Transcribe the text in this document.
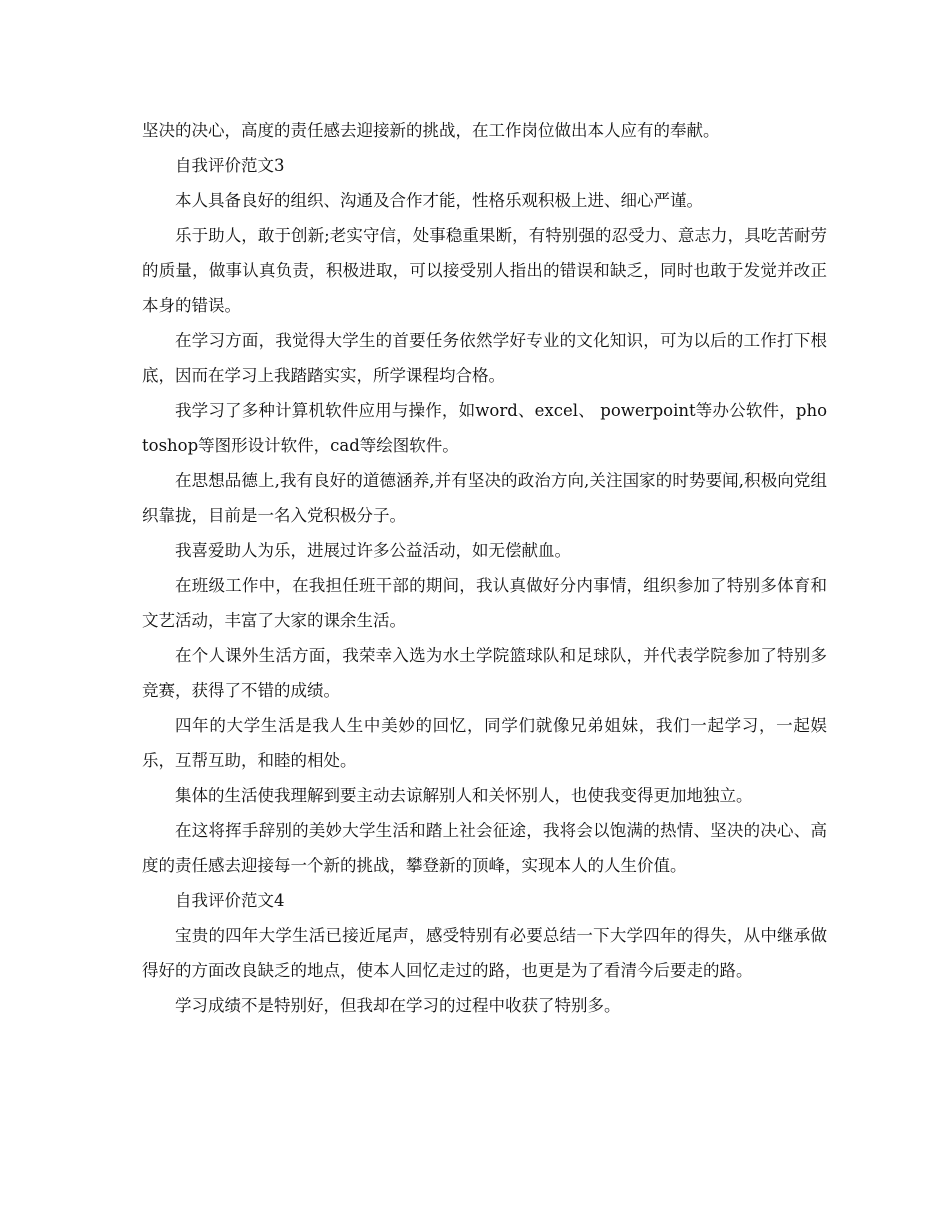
坚决的决心，高度的责任感去迎接新的挑战，在工作岗位做出本人应有的奉献。

自我评价范文3

本人具备良好的组织、沟通及合作才能，性格乐观积极上进、细心严谨。

乐于助人，敢于创新;老实守信，处事稳重果断，有特别强的忍受力、意志力，具吃苦耐劳的质量，做事认真负责，积极进取，可以接受别人指出的错误和缺乏，同时也敢于发觉并改正本身的错误。

在学习方面，我觉得大学生的首要任务依然学好专业的文化知识，可为以后的工作打下根底，因而在学习上我踏踏实实，所学课程均合格。

我学习了多种计算机软件应用与操作，如word、excel、 powerpoint等办公软件，photoshop等图形设计软件，cad等绘图软件。

在思想品德上,我有良好的道德涵养,并有坚决的政治方向,关注国家的时势要闻,积极向党组织靠拢，目前是一名入党积极分子。

我喜爱助人为乐，进展过许多公益活动，如无偿献血。

在班级工作中，在我担任班干部的期间，我认真做好分内事情，组织参加了特别多体育和文艺活动，丰富了大家的课余生活。

在个人课外生活方面，我荣幸入选为水土学院篮球队和足球队，并代表学院参加了特别多竞赛，获得了不错的成绩。

四年的大学生活是我人生中美妙的回忆，同学们就像兄弟姐妹，我们一起学习，一起娱乐，互帮互助，和睦的相处。

集体的生活使我理解到要主动去谅解别人和关怀别人，也使我变得更加地独立。

在这将挥手辞别的美妙大学生活和踏上社会征途，我将会以饱满的热情、坚决的决心、高度的责任感去迎接每一个新的挑战，攀登新的顶峰，实现本人的人生价值。

自我评价范文4

宝贵的四年大学生活已接近尾声，感受特别有必要总结一下大学四年的得失，从中继承做得好的方面改良缺乏的地点，使本人回忆走过的路，也更是为了看清今后要走的路。

学习成绩不是特别好，但我却在学习的过程中收获了特别多。
